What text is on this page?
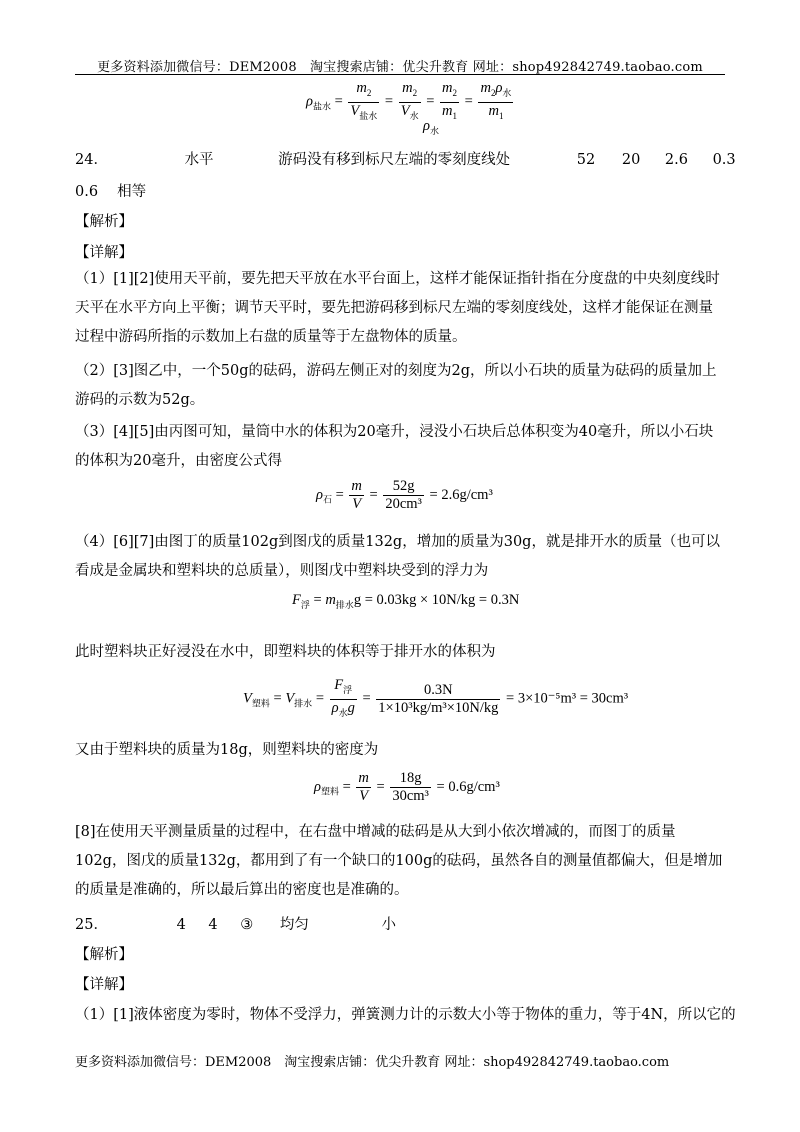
更多资料添加微信号：DEM2008　淘宝搜索店铺：优尖升教育 网址：shop492842749.taobao.com
$\rho_{盐水} = \frac{m_2}{V_{盐水}} = \frac{m_2}{V_水} = \frac{m_2}{m_1} = \frac{m_2\rho_水}{m_1}$
$\rho_水$
24．	水平	游码没有移到标尺左端的零刻度线处	52 20 2.6 0.3
0.6　 相等
【解析】
【详解】
（1）[1][2]使用天平前，要先把天平放在水平台面上，这样才能保证指针指在分度盘的中央刻度线时天平在水平方向上平衡；调节天平时，要先把游码移到标尺左端的零刻度线处，这样才能保证在测量过程中游码所指的示数加上右盘的质量等于左盘物体的质量。
（2）[3]图乙中，一个50g的砝码，游码左侧正对的刻度为2g，所以小石块的质量为砝码的质量加上游码的示数为52g。
（3）[4][5]由丙图可知，量筒中水的体积为20毫升，浸没小石块后总体积变为40毫升，所以小石块的体积为20毫升，由密度公式得
$\rho_石 = \frac{m}{V} = \frac{52g}{\text{20cm³}} = 2.6g/cm^3$
（4）[6][7]由图丁的质量102g到图戊的质量132g，增加的质量为30g，就是排开水的质量（也可以看成是金属块和塑料块的总质量），则图戊中塑料块受到的浮力为
$F_浮 = m_{排水}g = 0.03kg \times 10N/kg = 0.3N$
此时塑料块正好浸没在水中，即塑料块的体积等于排开水的体积为
$V_{塑料} = V_{排水} = \frac{F_浮}{\rho_水g} = \frac{0.3N}{\text{1×10³kg/m³×10N/kg}} = 3\times 10^{-5}m^3 = 30cm^3$
又由于塑料块的质量为18g，则塑料块的密度为
$\rho_{塑料} = \frac{m}{V} = \frac{18g}{\text{30cm³}} = 0.6g/cm^3$
[8]在使用天平测量质量的过程中，在右盘中增减的砝码是从大到小依次增减的，而图丁的质量102g，图戊的质量132g，都用到了有一个缺口的100g的砝码，虽然各自的测量值都偏大，但是增加的质量是准确的，所以最后算出的密度也是准确的。
25．	4 4 ③ 均匀	小
【解析】
【详解】
（1）[1]液体密度为零时，物体不受浮力，弹簧测力计的示数大小等于物体的重力，等于4N，所以它的
更多资料添加微信号：DEM2008　淘宝搜索店铺：优尖升教育 网址：shop492842749.taobao.com
